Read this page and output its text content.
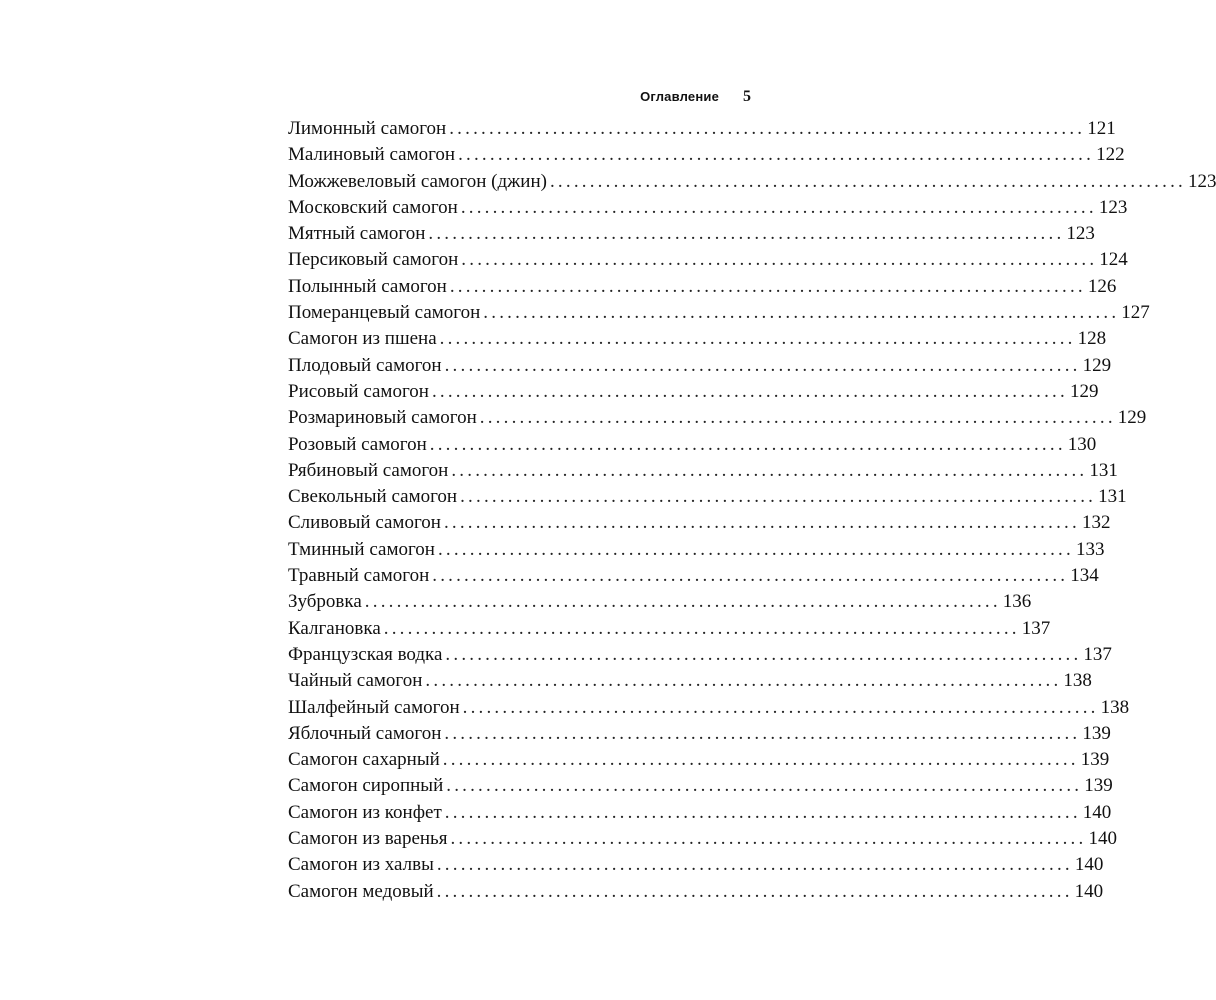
Оглавление 5
Лимонный самогон ................................................................................ 121
Малиновый самогон ................................................................................ 122
Можжевеловый самогон (джин) ................................................................................ 123
Московский самогон ................................................................................ 123
Мятный самогон ................................................................................ 123
Персиковый самогон ................................................................................ 124
Полынный самогон ................................................................................ 126
Померанцевый самогон ................................................................................ 127
Самогон из пшена ................................................................................ 128
Плодовый самогон ................................................................................ 129
Рисовый самогон ................................................................................ 129
Розмариновый самогон ................................................................................ 129
Розовый самогон ................................................................................ 130
Рябиновый самогон ................................................................................ 131
Свекольный самогон ................................................................................ 131
Сливовый самогон ................................................................................ 132
Тминный самогон ................................................................................ 133
Травный самогон ................................................................................ 134
Зубровка ................................................................................ 136
Калгановка ................................................................................ 137
Французская водка ................................................................................ 137
Чайный самогон ................................................................................ 138
Шалфейный самогон ................................................................................ 138
Яблочный самогон ................................................................................ 139
Самогон сахарный ................................................................................ 139
Самогон сиропный ................................................................................ 139
Самогон из конфет ................................................................................ 140
Самогон из варенья ................................................................................ 140
Самогон из халвы ................................................................................ 140
Самогон медовый ................................................................................ 140
